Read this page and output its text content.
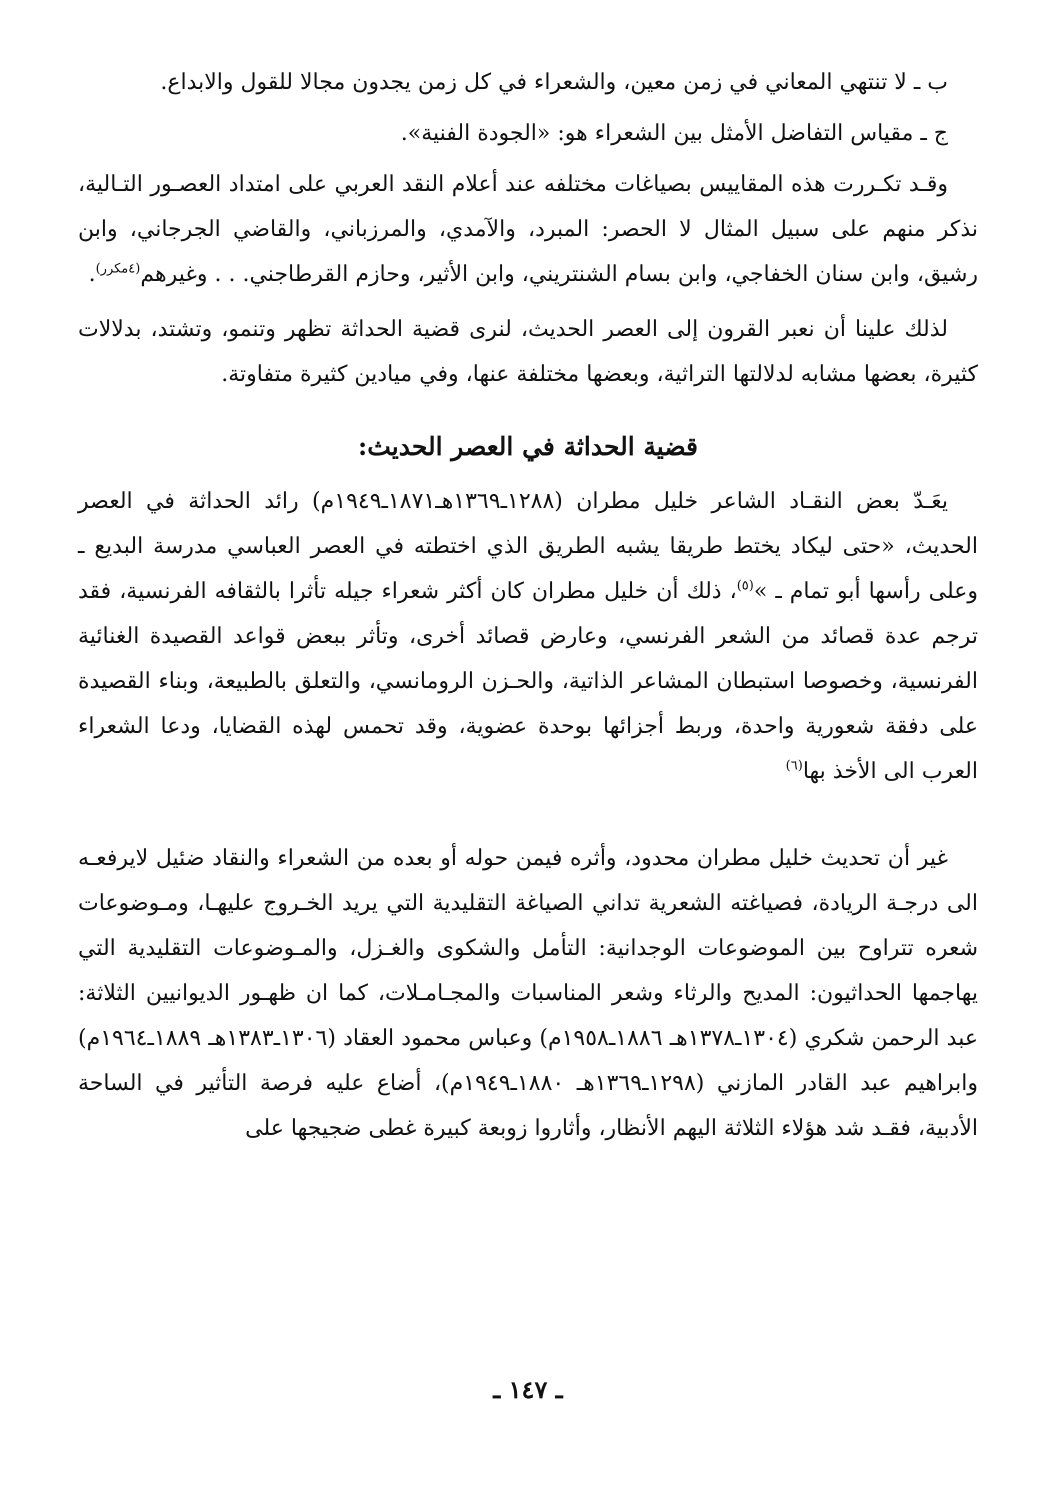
ب ـ لا تنتهي المعاني في زمن معين، والشعراء في كل زمن يجدون مجالا للقول والابداع.

ج ـ مقياس التفاضل الأمثل بين الشعراء هو: «الجودة الفنية».

وقـد تكـررت هذه المقاييس بصياغات مختلفه عند أعلام النقد العربي على امتداد العصـور التـالية، نذكر منهم على سبيل المثال لا الحصر: المبرد، والآمدي، والمرزباني، والقاضي الجرجاني، وابن رشيق، وابن سنان الخفاجي، وابن بسام الشنتريني، وابن الأثير، وحازم القرطاجني. . . وغيرهم$^{(٤مكرر)}$.

لذلك علينا أن نعبر القرون إلى العصر الحديث، لنرى قضية الحداثة تظهر وتنمو، وتشتد، بدلالات كثيرة، بعضها مشابه لدلالتها التراثية، وبعضها مختلفة عنها، وفي ميادين كثيرة متفاوتة.

قضية الحداثة في العصر الحديث:

يعَـدّ بعض النقـاد الشاعر خليل مطران (١٢٨٨ـ١٣٦٩هـ١٨٧١ـ١٩٤٩م) رائد الحداثة في العصر الحديث، «حتى ليكاد يختط طريقا يشبه الطريق الذي اختطته في العصر العباسي مدرسة البديع ـ وعلى رأسها أبو تمام ـ »$^{(٥)}$، ذلك أن خليل مطران كان أكثر شعراء جيله تأثرا بالثقافه الفرنسية، فقد ترجم عدة قصائد من الشعر الفرنسي، وعارض قصائد أخرى، وتأثر ببعض قواعد القصيدة الغنائية الفرنسية، وخصوصا استبطان المشاعر الذاتية، والحـزن الرومانسي، والتعلق بالطبيعة، وبناء القصيدة على دفقة شعورية واحدة، وربط أجزائها بوحدة عضوية، وقد تحمس لهذه القضايا، ودعا الشعراء العرب الى الأخذ بها$^{(٦)}$

غير أن تحديث خليل مطران محدود، وأثره فيمن حوله أو بعده من الشعراء والنقاد ضئيل لايرفعـه الى درجـة الريادة، فصياغته الشعرية تداني الصياغة التقليدية التي يريد الخـروج عليهـا، ومـوضوعات شعره تتراوح بين الموضوعات الوجدانية: التأمل والشكوى والغـزل، والمـوضوعات التقليدية التي يهاجمها الحداثيون: المديح والرثاء وشعر المناسبات والمجـامـلات، كما ان ظهـور الديوانيين الثلاثة: عبد الرحمن شكري (١٣٠٤ـ١٣٧٨هـ ١٨٨٦ـ١٩٥٨م) وعباس محمود العقاد (١٣٠٦ـ١٣٨٣هـ ١٨٨٩ـ١٩٦٤م) وابراهيم عبد القادر المازني (١٢٩٨ـ١٣٦٩هـ ١٨٨٠ـ١٩٤٩م)، أضاع عليه فرصة التأثير في الساحة الأدبية، فقـد شد هؤلاء الثلاثة اليهم الأنظار، وأثاروا زوبعة كبيرة غطى ضجيجها على

ـ ١٤٧ ـ
